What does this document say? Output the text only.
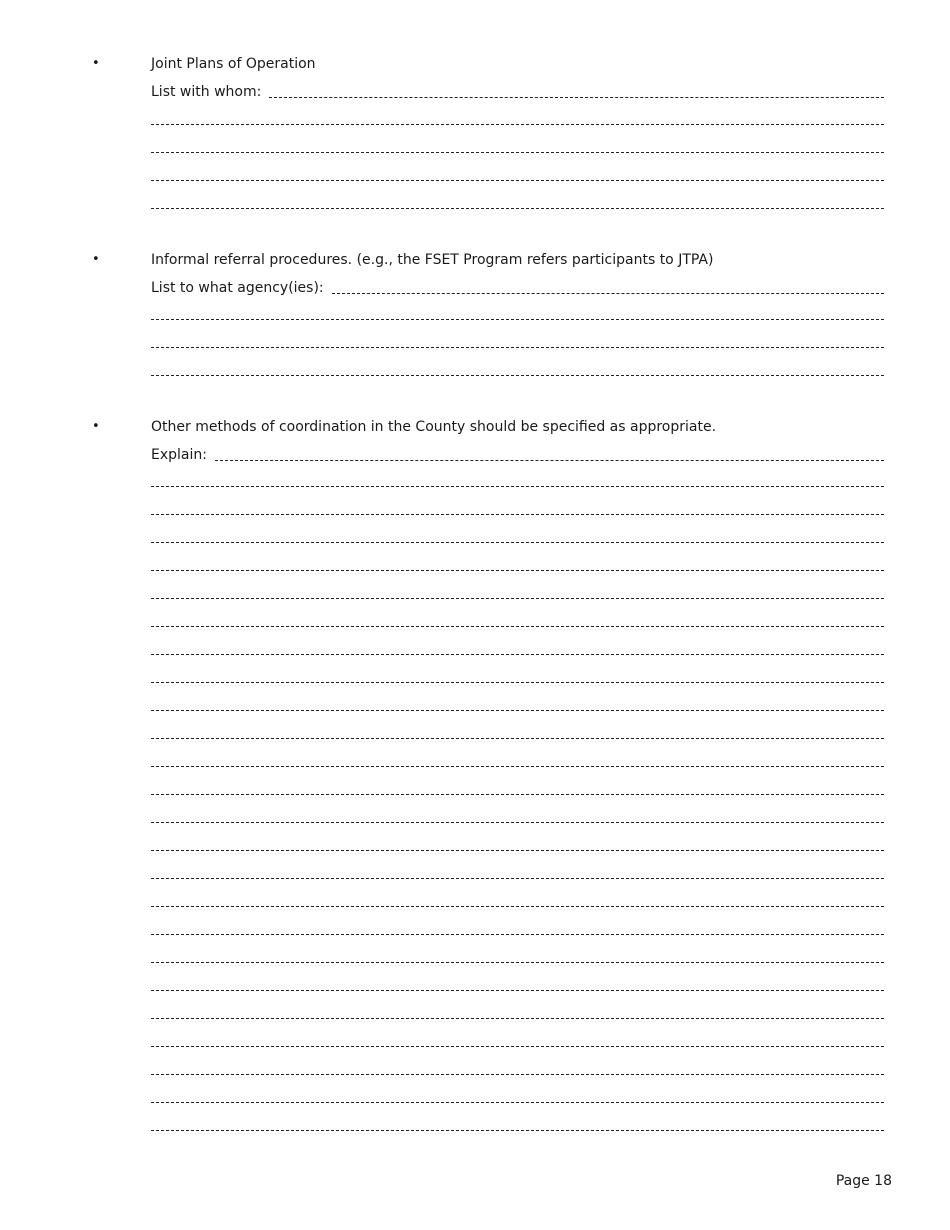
•	Joint Plans of Operation
List with whom:
•	Informal referral procedures. (e.g., the FSET Program refers participants to JTPA)
List to what agency(ies):
•	Other methods of coordination in the County should be specified as appropriate.
Explain:
Page 18
